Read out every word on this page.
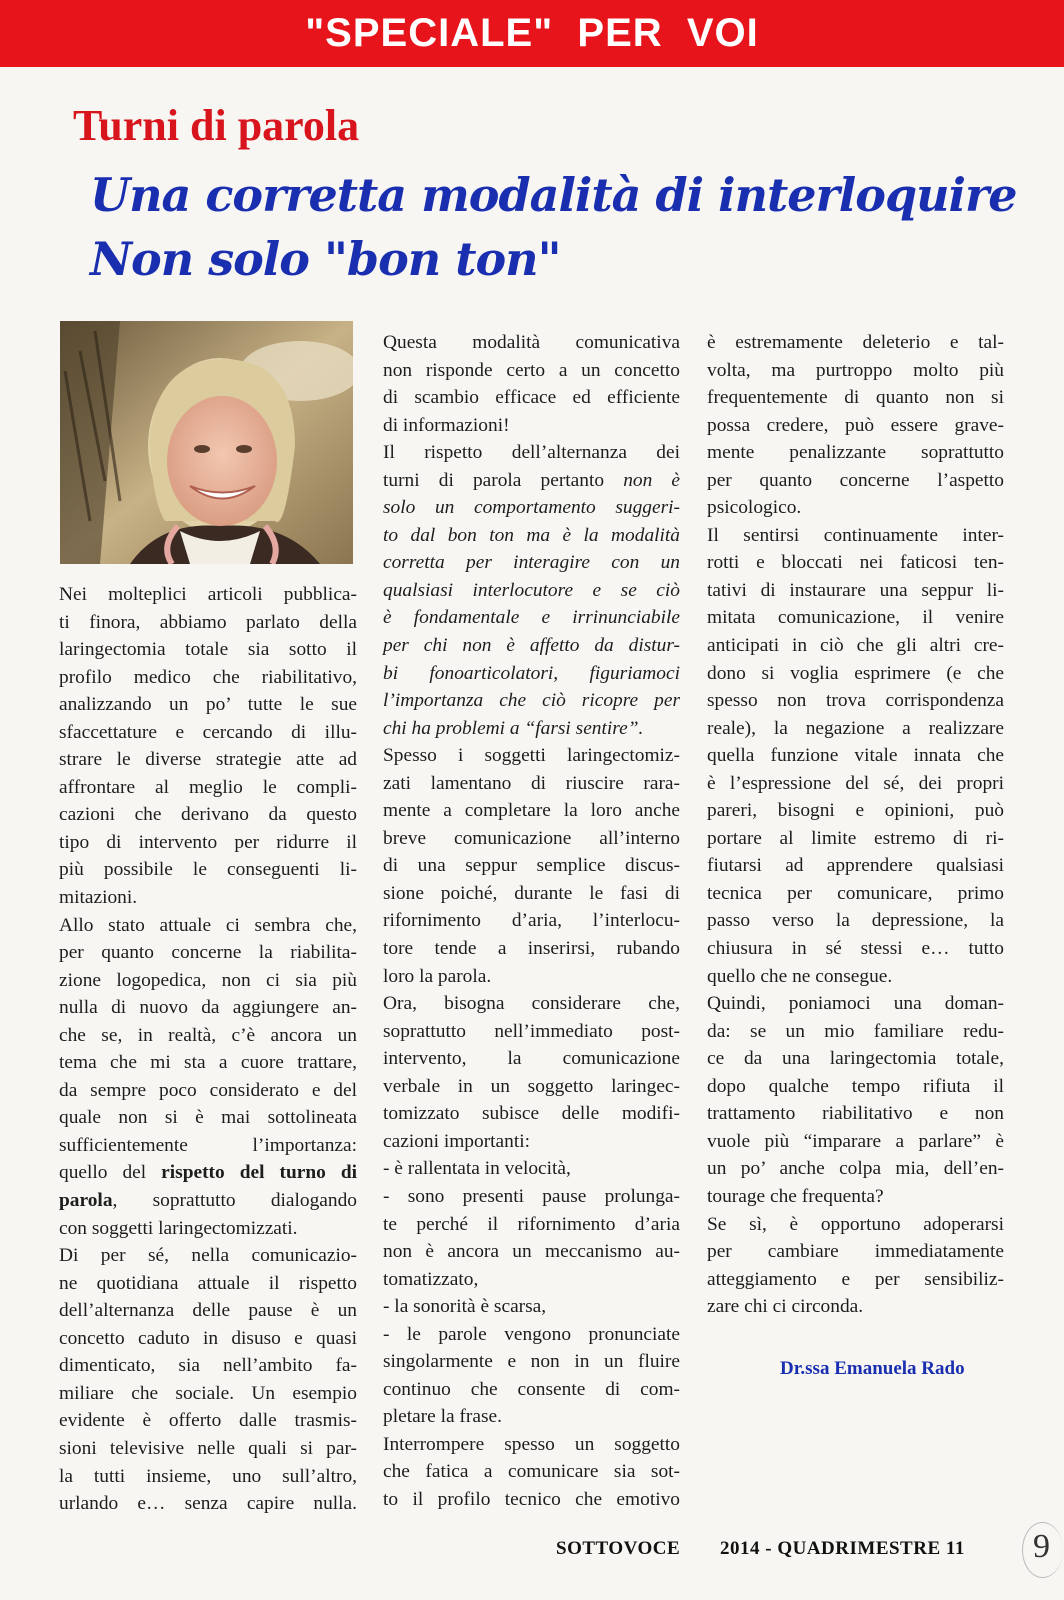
"SPECIALE"  PER  VOI
Turni di parola
Una corretta modalità di interloquire
Non solo "bon ton"
Nei molteplici articoli pubblica-
ti finora, abbiamo parlato della
laringectomia totale sia sotto il
profilo medico che riabilitativo,
analizzando un po’ tutte le sue
sfaccettature e cercando di illu-
strare le diverse strategie atte ad
affrontare al meglio le compli-
cazioni che derivano da questo
tipo di intervento per ridurre il
più possibile le conseguenti li-
mitazioni.
Allo stato attuale ci sembra che,
per quanto concerne la riabilita-
zione logopedica, non ci sia più
nulla di nuovo da aggiungere an-
che se, in realtà, c’è ancora un
tema che mi sta a cuore trattare,
da sempre poco considerato e del
quale non si è mai sottolineata
sufficientemente l’importanza:
quello del rispetto del turno di
parola, soprattutto dialogando
con soggetti laringectomizzati.
Di per sé, nella comunicazio-
ne quotidiana attuale il rispetto
dell’alternanza delle pause è un
concetto caduto in disuso e quasi
dimenticato, sia nell’ambito fa-
miliare che sociale. Un esempio
evidente è offerto dalle trasmis-
sioni televisive nelle quali si par-
la tutti insieme, uno sull’altro,
urlando e… senza capire nulla.
Questa modalità comunicativa
non risponde certo a un concetto
di scambio efficace ed efficiente
di informazioni!
Il rispetto dell’alternanza dei
turni di parola pertanto non è
solo un comportamento suggeri-
to dal bon ton ma è la modalità
corretta per interagire con un
qualsiasi interlocutore e se ciò
è fondamentale e irrinunciabile
per chi non è affetto da distur-
bi fonoarticolatori, figuriamoci
l’importanza che ciò ricopre per
chi ha problemi a “farsi sentire”.
Spesso i soggetti laringectomiz-
zati lamentano di riuscire rara-
mente a completare la loro anche
breve comunicazione all’interno
di una seppur semplice discus-
sione poiché, durante le fasi di
rifornimento d’aria, l’interlocu-
tore tende a inserirsi, rubando
loro la parola.
Ora, bisogna considerare che,
soprattutto nell’immediato post-
intervento, la comunicazione
verbale in un soggetto laringec-
tomizzato subisce delle modifi-
cazioni importanti:
- è rallentata in velocità,
- sono presenti pause prolunga-
te perché il rifornimento d’aria
non è ancora un meccanismo au-
tomatizzato,
- la sonorità è scarsa,
- le parole vengono pronunciate
singolarmente e non in un fluire
continuo che consente di com-
pletare la frase.
Interrompere spesso un soggetto
che fatica a comunicare sia sot-
to il profilo tecnico che emotivo
è estremamente deleterio e tal-
volta, ma purtroppo molto più
frequentemente di quanto non si
possa credere, può essere grave-
mente penalizzante soprattutto
per quanto concerne l’aspetto
psicologico.
Il sentirsi continuamente inter-
rotti e bloccati nei faticosi ten-
tativi di instaurare una seppur li-
mitata comunicazione, il venire
anticipati in ciò che gli altri cre-
dono si voglia esprimere (e che
spesso non trova corrispondenza
reale), la negazione a realizzare
quella funzione vitale innata che
è l’espressione del sé, dei propri
pareri, bisogni e opinioni, può
portare al limite estremo di ri-
fiutarsi ad apprendere qualsiasi
tecnica per comunicare, primo
passo verso la depressione, la
chiusura in sé stessi e… tutto
quello che ne consegue.
Quindi, poniamoci una doman-
da: se un mio familiare redu-
ce da una laringectomia totale,
dopo qualche tempo rifiuta il
trattamento riabilitativo e non
vuole più “imparare a parlare” è
un po’ anche colpa mia, dell’en-
tourage che frequenta?
Se sì, è opportuno adoperarsi
per cambiare immediatamente
atteggiamento e per sensibiliz-
zare chi ci circonda.
Dr.ssa Emanuela Rado
SOTTOVOCE 2014 - QUADRIMESTRE 11 9
